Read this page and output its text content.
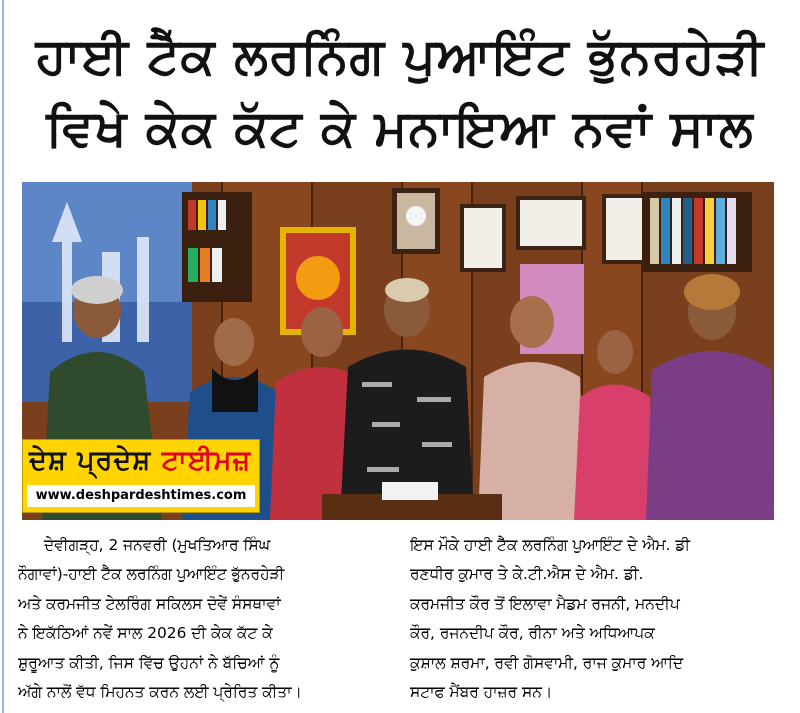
ਹਾਈ ਟੈੱਕ ਲਰਨਿੰਗ ਪੁਆਇੰਟ ਭੁੱਨਰਹੇੜੀ
ਵਿਖੇ ਕੇਕ ਕੱਟ ਕੇ ਮਨਾਇਆ ਨਵਾਂ ਸਾਲ
ਦੇਸ਼ ਪ੍ਰਦੇਸ਼ ਟਾਈਮਜ਼
www.deshpardeshtimes.com
ਦੇਵੀਗੜ੍ਹ, 2 ਜਨਵਰੀ (ਮੁਖਤਿਆਰ ਸਿੰਘ
ਨੌਗਾਵਾਂ)-ਹਾਈ ਟੈੱਕ ਲਰਨਿੰਗ ਪੁਆਇੰਟ ਭੁੱਨਰਹੇੜੀ
ਅਤੇ ਕਰਮਜੀਤ ਟੇਲਰਿੰਗ ਸਕਿਲਸ ਦੋਵੇਂ ਸੰਸਥਾਵਾਂ
ਨੇ ਇਕੱਠਿਆਂ ਨਵੇਂ ਸਾਲ 2026 ਦੀ ਕੇਕ ਕੱਟ ਕੇ
ਸ਼ੁਰੂਆਤ ਕੀਤੀ, ਜਿਸ ਵਿੱਚ ਉਹਨਾਂ ਨੇ ਬੱਚਿਆਂ ਨੂੰ
ਅੱਗੇ ਨਾਲੋਂ ਵੱਧ ਮਿਹਨਤ ਕਰਨ ਲਈ ਪ੍ਰੇਰਿਤ ਕੀਤਾ।
ਇਸ ਮੌਕੇ ਹਾਈ ਟੈੱਕ ਲਰਨਿੰਗ ਪੁਆਇੰਟ ਦੇ ਐਮ. ਡੀ
ਰਣਧੀਰ ਕੁਮਾਰ ਤੇ ਕੇ.ਟੀ.ਐਸ ਦੇ ਐਮ. ਡੀ.
ਕਰਮਜੀਤ ਕੌਰ ਤੋਂ ਇਲਾਵਾ ਮੈਡਮ ਰਜਨੀ, ਮਨਦੀਪ
ਕੌਰ, ਰਜਨਦੀਪ ਕੌਰ, ਰੀਨਾ ਅਤੇ ਅਧਿਆਪਕ
ਕੁਸ਼ਾਲ ਸ਼ਰਮਾ, ਰਵੀ ਗੋਸਵਾਮੀ, ਰਾਜ ਕੁਮਾਰ ਆਦਿ
ਸਟਾਫ ਮੈਂਬਰ ਹਾਜ਼ਰ ਸਨ।
